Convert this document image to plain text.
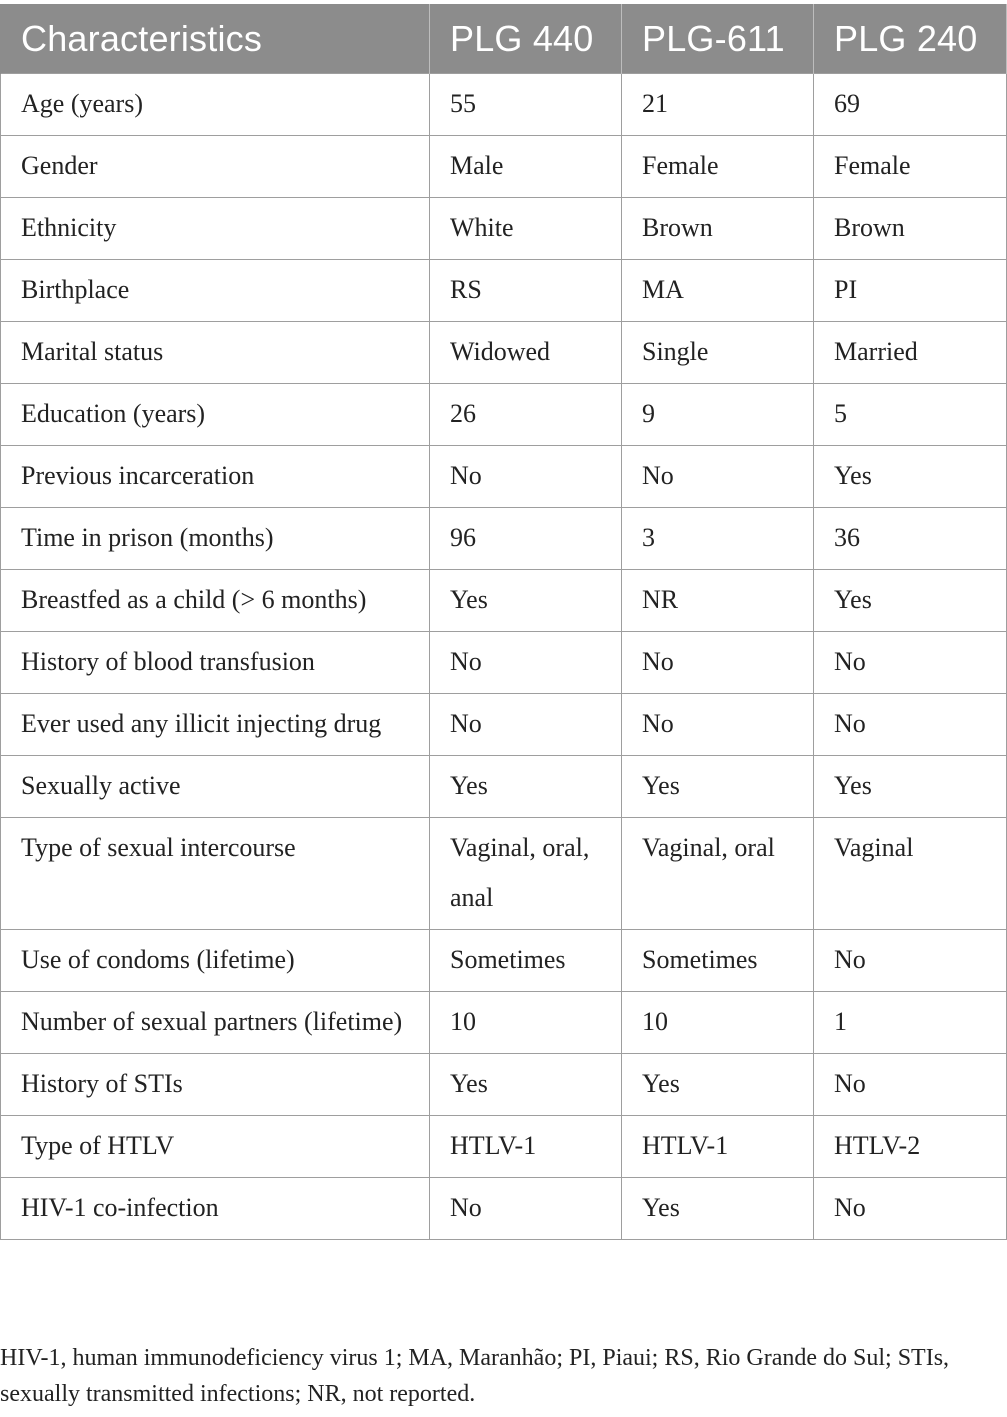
Characteristics	PLG 440	PLG-611	PLG 240
Age (years)	55	21	69
Gender	Male	Female	Female
Ethnicity	White	Brown	Brown
Birthplace	RS	MA	PI
Marital status	Widowed	Single	Married
Education (years)	26	9	5
Previous incarceration	No	No	Yes
Time in prison (months)	96	3	36
Breastfed as a child (> 6 months)	Yes	NR	Yes
History of blood transfusion	No	No	No
Ever used any illicit injecting drug	No	No	No
Sexually active	Yes	Yes	Yes
Type of sexual intercourse	Vaginal, oral, anal	Vaginal, oral	Vaginal
Use of condoms (lifetime)	Sometimes	Sometimes	No
Number of sexual partners (lifetime)	10	10	1
History of STIs	Yes	Yes	No
Type of HTLV	HTLV-1	HTLV-1	HTLV-2
HIV-1 co-infection	No	Yes	No
HIV-1, human immunodeficiency virus 1; MA, Maranhão; PI, Piaui; RS, Rio Grande do Sul; STIs, sexually transmitted infections; NR, not reported.
